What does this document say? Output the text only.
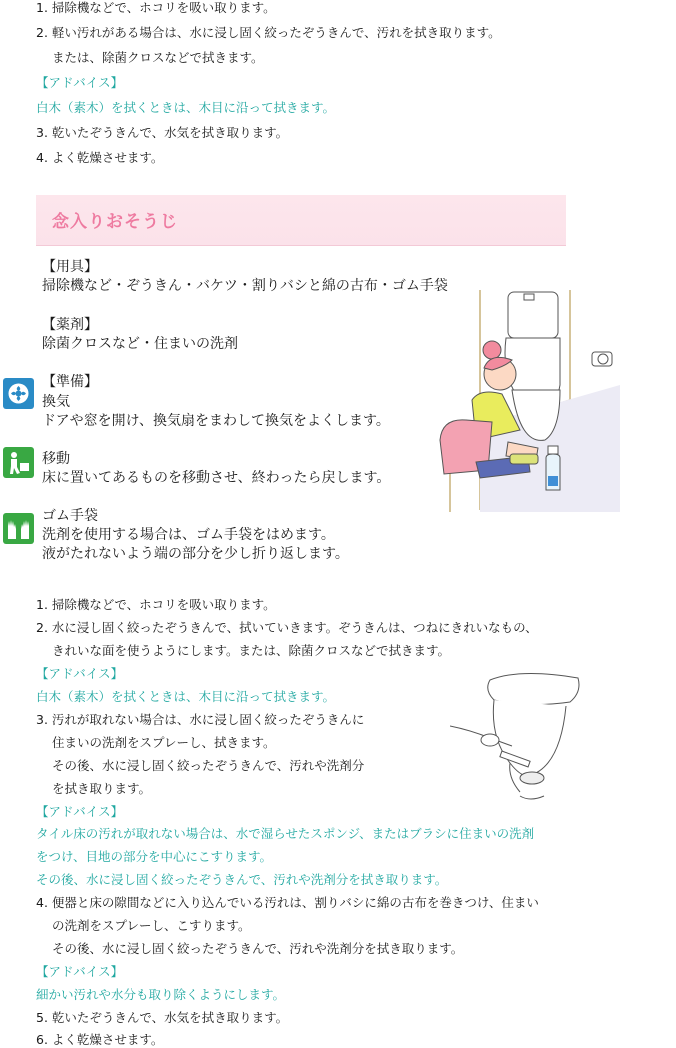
1. 掃除機などで、ホコリを吸い取ります。
2. 軽い汚れがある場合は、水に浸し固く絞ったぞうきんで、汚れを拭き取ります。
または、除菌クロスなどで拭きます。
【アドバイス】
白木（素木）を拭くときは、木目に沿って拭きます。
3. 乾いたぞうきんで、水気を拭き取ります。
4. よく乾燥させます。
念入りおそうじ
【用具】
掃除機など・ぞうきん・バケツ・割りバシと綿の古布・ゴム手袋
【薬剤】
除菌クロスなど・住まいの洗剤
【準備】
換気
ドアや窓を開け、換気扇をまわして換気をよくします。
移動
床に置いてあるものを移動させ、終わったら戻します。
ゴム手袋
洗剤を使用する場合は、ゴム手袋をはめます。
液がたれないよう端の部分を少し折り返します。
1. 掃除機などで、ホコリを吸い取ります。
2. 水に浸し固く絞ったぞうきんで、拭いていきます。ぞうきんは、つねにきれいなもの、
きれいな面を使うようにします。または、除菌クロスなどで拭きます。
【アドバイス】
白木（素木）を拭くときは、木目に沿って拭きます。
3. 汚れが取れない場合は、水に浸し固く絞ったぞうきんに
住まいの洗剤をスプレーし、拭きます。
その後、水に浸し固く絞ったぞうきんで、汚れや洗剤分
を拭き取ります。
【アドバイス】
タイル床の汚れが取れない場合は、水で湿らせたスポンジ、またはブラシに住まいの洗剤
をつけ、目地の部分を中心にこすります。
その後、水に浸し固く絞ったぞうきんで、汚れや洗剤分を拭き取ります。
4. 便器と床の隙間などに入り込んでいる汚れは、割りバシに綿の古布を巻きつけ、住まい
の洗剤をスプレーし、こすります。
その後、水に浸し固く絞ったぞうきんで、汚れや洗剤分を拭き取ります。
【アドバイス】
細かい汚れや水分も取り除くようにします。
5. 乾いたぞうきんで、水気を拭き取ります。
6. よく乾燥させます。
